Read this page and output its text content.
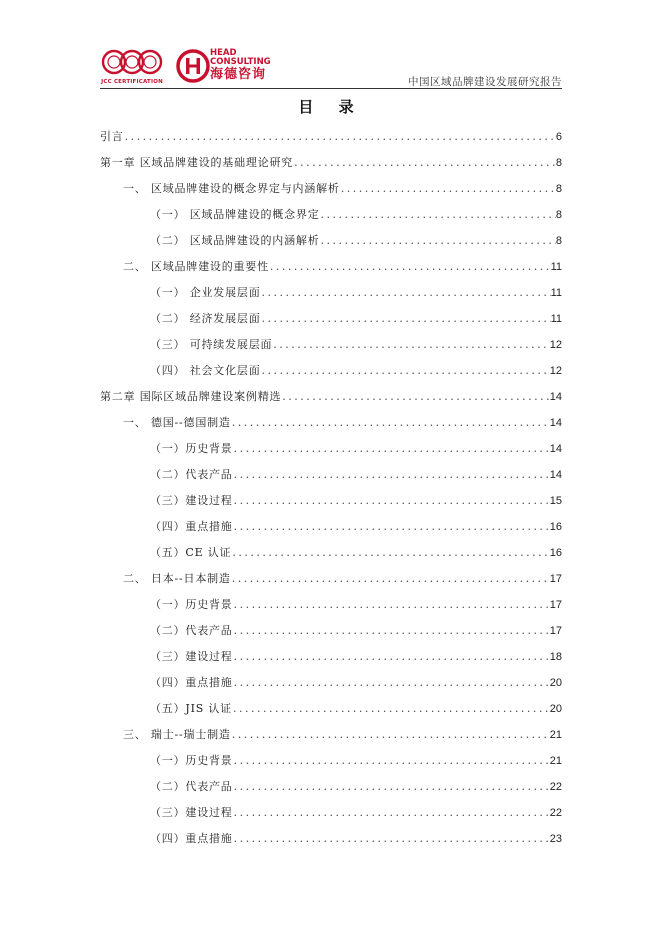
JCC CERTIFICATION
HEAD
CONSULTING
海德咨询	中国区域品牌建设发展研究报告
目 录
引言 .....	6
第一章 区域品牌建设的基础理论研究 .....	8
一、 区域品牌建设的概念界定与内涵解析 .....	8
（一） 区域品牌建设的概念界定 .....	8
（二） 区域品牌建设的内涵解析 .....	8
二、 区域品牌建设的重要性 .....	11
（一） 企业发展层面 .....	11
（二） 经济发展层面 .....	11
（三） 可持续发展层面 .....	12
（四） 社会文化层面 .....	12
第二章 国际区域品牌建设案例精选 .....	14
一、 德国--德国制造 .....	14
（一）历史背景 .....	14
（二）代表产品 .....	14
（三）建设过程 .....	15
（四）重点措施 .....	16
（五）CE 认证 .....	16
二、 日本--日本制造 .....	17
（一）历史背景 .....	17
（二）代表产品 .....	17
（三）建设过程 .....	18
（四）重点措施 .....	20
（五）JIS 认证 .....	20
三、 瑞士--瑞士制造 .....	21
（一）历史背景 .....	21
（二）代表产品 .....	22
（三）建设过程 .....	22
（四）重点措施 .....	23
